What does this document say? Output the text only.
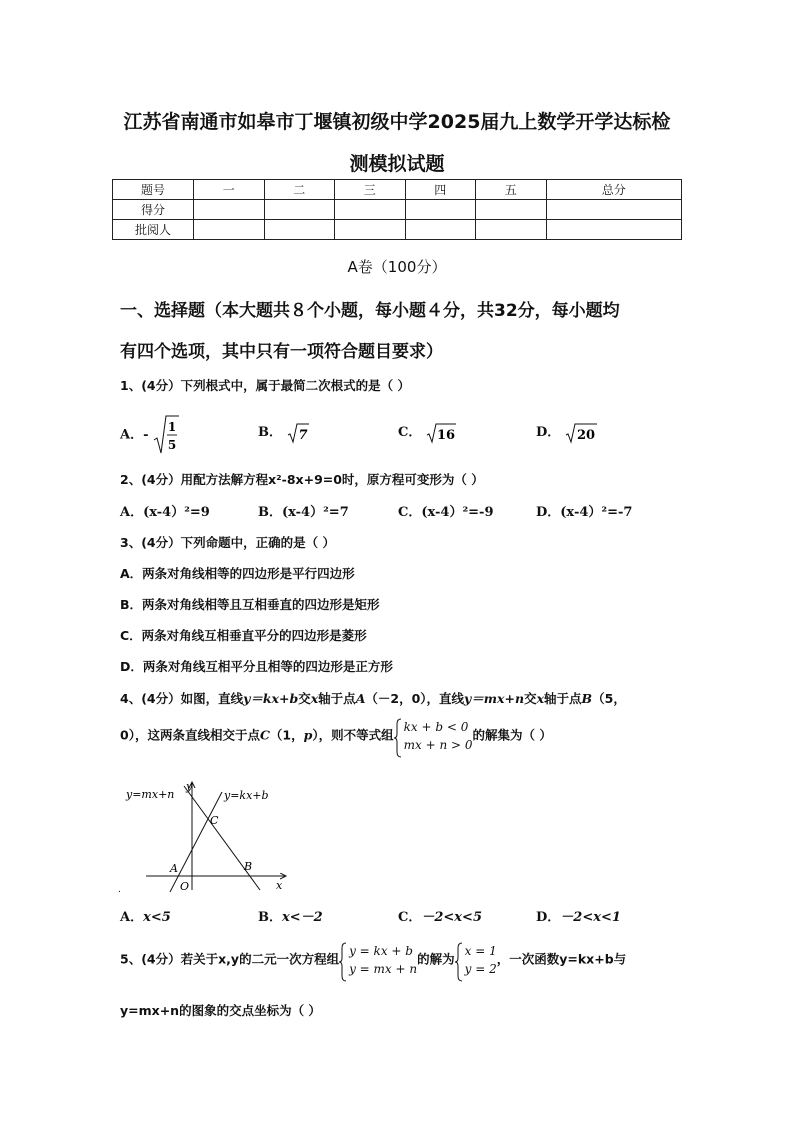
江苏省南通市如皋市丁堰镇初级中学2025届九上数学开学达标检
测模拟试题
题号	一	二	三	四	五	总分
得分						
批阅人						
A卷（100分）
一、选择题（本大题共８个小题，每小题４分，共32分，每小题均
有四个选项，其中只有一项符合题目要求）
1、(4分）下列根式中，属于最简二次根式的是（ ）
A．-
1
5
B． 7	C． 16	D． 20
2、(4分）用配方法解方程x²-8x+9=0时，原方程可变形为（ ）
A．(x-4）²=9	B．(x-4）²=7	C．(x-4）²=-9	D．(x-4）²=-7
3、(4分）下列命题中，正确的是（ ）
A．两条对角线相等的四边形是平行四边形
B．两条对角线相等且互相垂直的四边形是矩形
C．两条对角线互相垂直平分的四边形是菱形
D．两条对角线互相平分且相等的四边形是正方形
4、(4分）如图，直线y＝kx+b交x轴于点A（－2，0），直线y＝mx+n交x轴于点B（5，
0），这两条直线相交于点C（1，p），则不等式组
kx + b < 0
mx + n > 0
的解集为（ ）
y=mx+n	y=kx+b
y
x
O
A	B
C
.
A．x<5	B．x<－2	C．－2<x<5	D．－2<x<1
5、(4分）若关于x,y的二元一次方程组
y = kx + b
y = mx + n
的解为
x = 1
y = 2
，一次函数y=kx+b与
y=mx+n的图象的交点坐标为（ ）
